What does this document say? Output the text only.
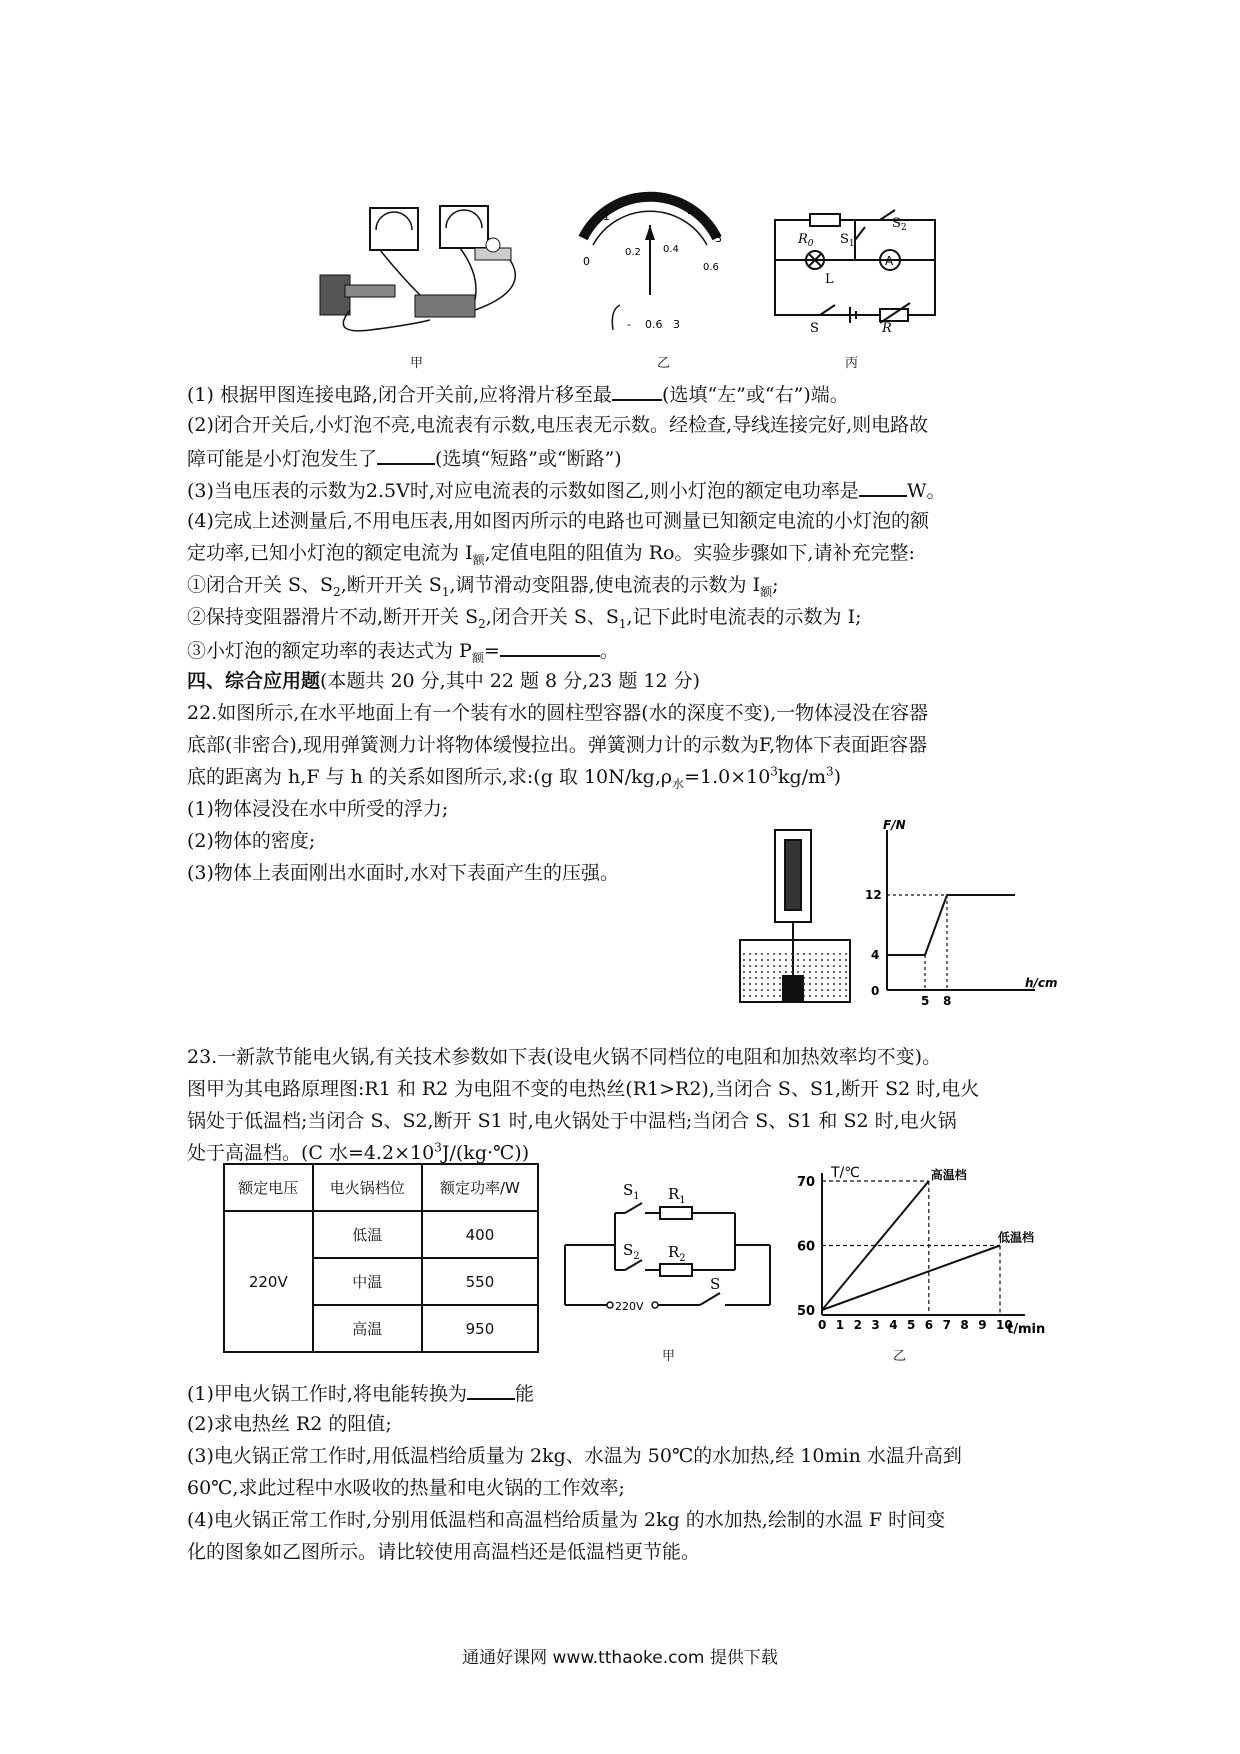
甲
0
1	2
3
0.2 0.4
0.6
- 0.6 3
乙
$R_0$ $S_1$
$S_2$
A
L
S	R
丙
(1) 根据甲图连接电路,闭合开关前,应将滑片移至最	(选填“左”或“右”)端。
(2)闭合开关后,小灯泡不亮,电流表有示数,电压表无示数。经检查,导线连接完好,则电路故
障可能是小灯泡发生了	(选填“短路”或“断路”)
(3)当电压表的示数为2.5V时,对应电流表的示数如图乙,则小灯泡的额定电功率是	W。
(4)完成上述测量后,不用电压表,用如图丙所示的电路也可测量已知额定电流的小灯泡的额
定功率,已知小灯泡的额定电流为 $I_额$,定值电阻的阻值为 Ro。实验步骤如下,请补充完整:
①闭合开关 S、$S_2$,断开开关 $S_1$,调节滑动变阻器,使电流表的示数为 $I_额$;
②保持变阻器滑片不动,断开开关 $S_2$,闭合开关 S、$S_1$,记下此时电流表的示数为 I;
③小灯泡的额定功率的表达式为 $P_额=$	。
四、综合应用题(本题共 20 分,其中 22 题 8 分,23 题 12 分)
22.如图所示,在水平地面上有一个装有水的圆柱型容器(水的深度不变),一物体浸没在容器
底部(非密合),现用弹簧测力计将物体缓慢拉出。弹簧测力计的示数为F,物体下表面距容器
底的距离为 h,F 与 h 的关系如图所示,求:(g 取 $10N/kg,\rho_水=1.0\times 10^3kg/m^3$)
(1)物体浸没在水中所受的浮力;
(2)物体的密度;
(3)物体上表面刚出水面时,水对下表面产生的压强。
F/N
h/cm
12
4
0
5 8
23.一新款节能电火锅,有关技术参数如下表(设电火锅不同档位的电阻和加热效率均不变)。
图甲为其电路原理图:R1 和 R2 为电阻不变的电热丝(R1>R2),当闭合 S、S1,断开 S2 时,电火
锅处于低温档;当闭合 S、S2,断开 S1 时,电火锅处于中温档;当闭合 S、S1 和 S2 时,电火锅
处于高温档。(C 水$=4.2\times 10^3J/(kg\cdot℃)$)
额定电压	电火锅档位	额定功率/W
220V	低温	400
	中温	550
	高温	950
$S_1$ $R_1$
$S_2$ $R_2$
220V
S
甲
50
60
70
0 1 2 3 4 5 6 7 8 9 10
高温档
低温档
T/℃
t/min
乙
(1)甲电火锅工作时,将电能转换为	能
(2)求电热丝 R2 的阻值;
(3)电火锅正常工作时,用低温档给质量为 2kg、水温为 50℃的水加热,经 10min 水温升高到
60℃,求此过程中水吸收的热量和电火锅的工作效率;
(4)电火锅正常工作时,分别用低温档和高温档给质量为 2kg 的水加热,绘制的水温 F 时间变
化的图象如乙图所示。请比较使用高温档还是低温档更节能。
通通好课网 www.tthaoke.com 提供下载
